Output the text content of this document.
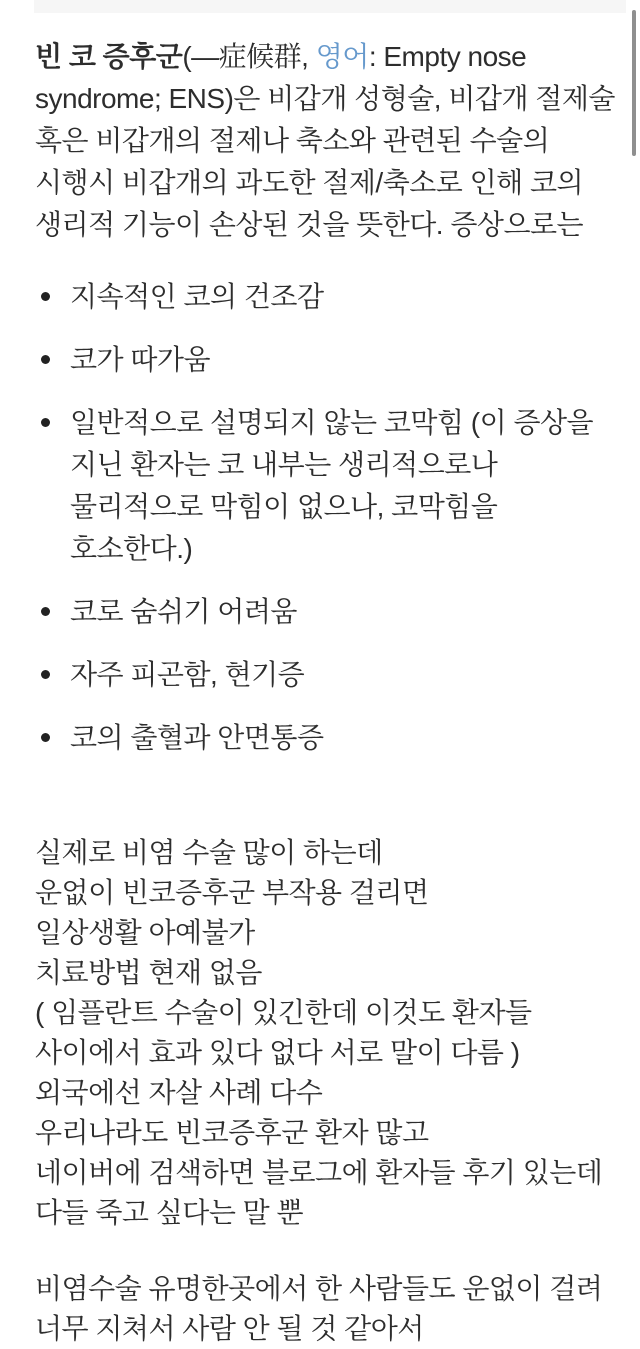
빈 코 증후군(—症候群, 영어: Empty nose syndrome; ENS)은 비갑개 성형술, 비갑개 절제술 혹은 비갑개의 절제나 축소와 관련된 수술의 시행시 비갑개의 과도한 절제/축소로 인해 코의 생리적 기능이 손상된 것을 뜻한다. 증상으로는

지속적인 코의 건조감
코가 따가움
일반적으로 설명되지 않는 코막힘 (이 증상을 지닌 환자는 코 내부는 생리적으로나 물리적으로 막힘이 없으나, 코막힘을 호소한다.)
코로 숨쉬기 어려움
자주 피곤함, 현기증
코의 출혈과 안면통증
실제로 비염 수술 많이 하는데
운없이 빈코증후군 부작용 걸리면
일상생활 아예불가
치료방법 현재 없음
( 임플란트 수술이 있긴한데 이것도 환자들 사이에서 효과 있다 없다 서로 말이 다름 )
외국에선 자살 사례 다수
우리나라도 빈코증후군 환자 많고
네이버에 검색하면 블로그에 환자들 후기 있는데
다들 죽고 싶다는 말 뿐
비염수술 유명한곳에서 한 사람들도 운없이 걸려
너무 지쳐서 사람 안 될 것 같아서
